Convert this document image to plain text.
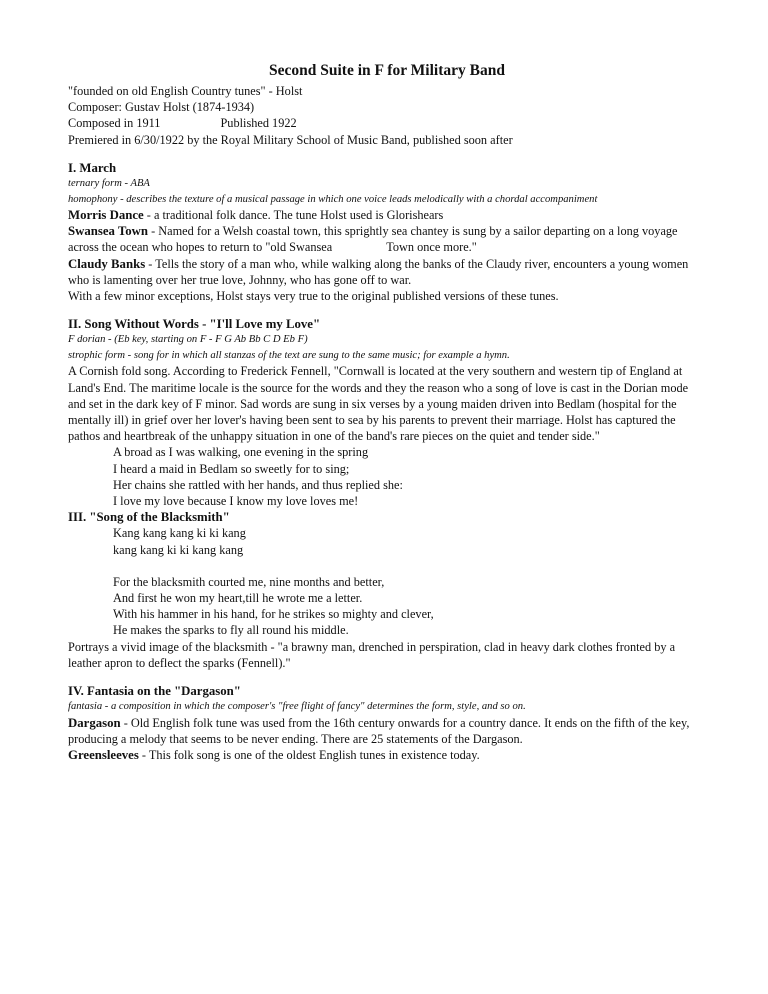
Second Suite in F for Military Band
"founded on old English Country tunes" - Holst
Composer: Gustav Holst (1874-1934)
Composed in 1911	Published 1922
Premiered in 6/30/1922 by the Royal Military School of Music Band, published soon after
I. March
ternary form - ABA
homophony - describes the texture of a musical passage in which one voice leads melodically with a chordal accompaniment
Morris Dance - a traditional folk dance. The tune Holst used is Glorishears
Swansea Town - Named for a Welsh coastal town, this sprightly sea chantey is sung by a sailor departing on a long voyage across the ocean who hopes to return to "old Swansea	Town once more."
Claudy Banks - Tells the story of a man who, while walking along the banks of the Claudy river, encounters a young women who is lamenting over her true love, Johnny, who has gone off to war.
With a few minor exceptions, Holst stays very true to the original published versions of these tunes.
II. Song Without Words - "I'll Love my Love"
F dorian - (Eb key, starting on F - F G Ab Bb C D Eb F)
strophic form - song for in which all stanzas of the text are sung to the same music; for example a hymn.
A Cornish fold song. According to Frederick Fennell, "Cornwall is located at the very southern and western tip of England at Land's End. The maritime locale is the source for the words and they the reason who a song of love is cast in the Dorian mode and set in the dark key of F minor. Sad words are sung in six verses by a young maiden driven into Bedlam (hospital for the mentally ill) in grief over her lover's having been sent to sea by his parents to prevent their marriage. Holst has captured the pathos and heartbreak of the unhappy situation in one of the band's rare pieces on the quiet and tender side."
A broad as I was walking, one evening in the spring
I heard a maid in Bedlam so sweetly for to sing;
Her chains she rattled with her hands, and thus replied she:
I love my love because I know my love loves me!
III. "Song of the Blacksmith"
Kang kang kang ki ki kang
kang kang ki ki kang kang
For the blacksmith courted me, nine months and better,
And first he won my heart,till he wrote me a letter.
With his hammer in his hand, for he strikes so mighty and clever,
He makes the sparks to fly all round his middle.
Portrays a vivid image of the blacksmith - "a brawny man, drenched in perspiration, clad in heavy dark clothes fronted by a leather apron to deflect the sparks (Fennell)."
IV. Fantasia on the "Dargason"
fantasia - a composition in which the composer's "free flight of fancy" determines the form, style, and so on.
Dargason - Old English folk tune was used from the 16th century onwards for a country dance. It ends on the fifth of the key, producing a melody that seems to be never ending. There are 25 statements of the Dargason.
Greensleeves - This folk song is one of the oldest English tunes in existence today.
